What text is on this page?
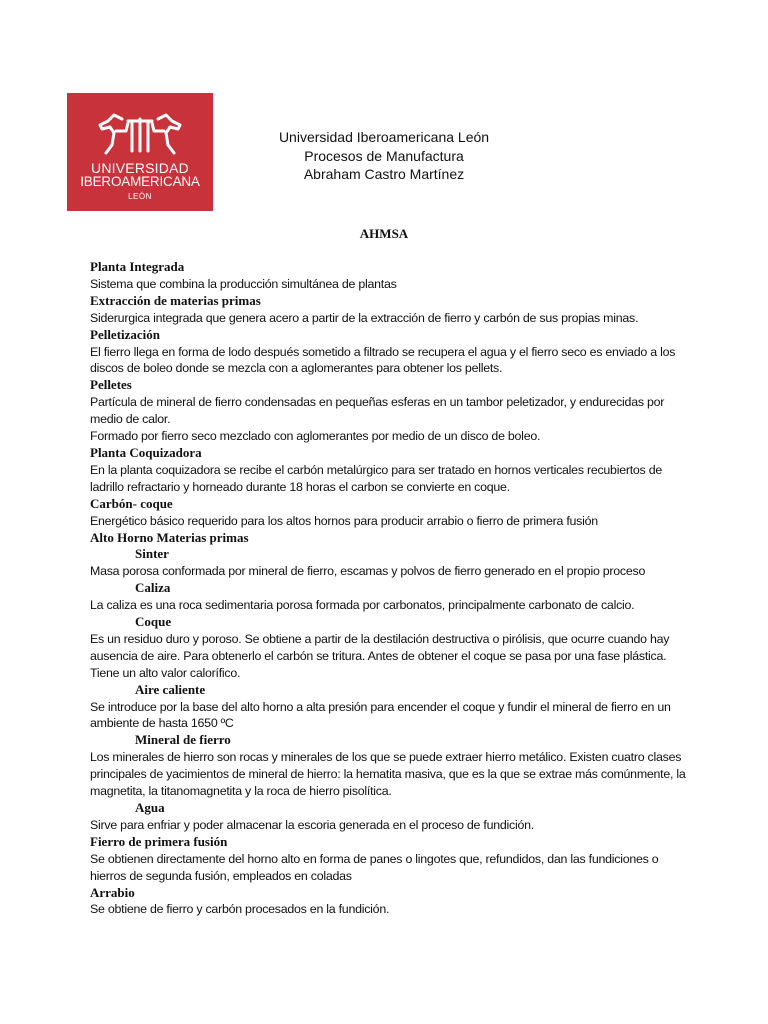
UNIVERSIDAD
IBEROAMERICANA
LEÓN
Universidad Iberoamericana León
Procesos de Manufactura
Abraham Castro Martínez
AHMSA
Planta Integrada
Sistema que combina la producción simultánea de plantas
Extracción de materias primas
Siderurgica integrada que genera acero a partir de la extracción de fierro y carbón de sus propias minas.
Pelletización
El fierro llega en forma de lodo después sometido a filtrado se recupera el agua y el fierro seco es enviado a los discos de boleo donde se mezcla con a aglomerantes para obtener los pellets.
Pelletes
Partícula de mineral de fierro condensadas en pequeñas esferas en un tambor peletizador, y endurecidas por medio de calor.
Formado por fierro seco mezclado con aglomerantes por medio de un disco de boleo.
Planta Coquizadora
En la planta coquizadora se recibe el carbón metalúrgico para ser tratado en hornos verticales recubiertos de ladrillo refractario y horneado durante 18 horas el carbon se convierte en coque.
Carbón- coque
Energético básico requerido para los altos hornos para producir arrabio o fierro de primera fusión
Alto Horno Materias primas
Sinter
Masa porosa conformada por mineral de fierro, escamas y polvos de fierro generado en el propio proceso
Caliza
La caliza es una roca sedimentaria porosa formada por carbonatos, principalmente carbonato de calcio.
Coque
Es un residuo duro y poroso. Se obtiene a partir de la destilación destructiva o pirólisis, que ocurre cuando hay ausencia de aire. Para obtenerlo el carbón se tritura. Antes de obtener el coque se pasa por una fase plástica. Tiene un alto valor calorífico.
Aire caliente
Se introduce por la base del alto horno a alta presión para encender el coque y fundir el mineral de fierro en un ambiente de hasta 1650 ºC
Mineral de fierro
Los minerales de hierro son rocas y minerales de los que se puede extraer hierro metálico. Existen cuatro clases principales de yacimientos de mineral de hierro: la hematita masiva, que es la que se extrae más comúnmente, la magnetita, la titanomagnetita y la roca de hierro pisolítica.
Agua
Sirve para enfriar y poder almacenar la escoria generada en el proceso de fundición.
Fierro de primera fusión
Se obtienen directamente del horno alto en forma de panes o lingotes que, refundidos, dan las fundiciones o hierros de segunda fusión, empleados en coladas
Arrabio
Se obtiene de fierro y carbón procesados en la fundición.
